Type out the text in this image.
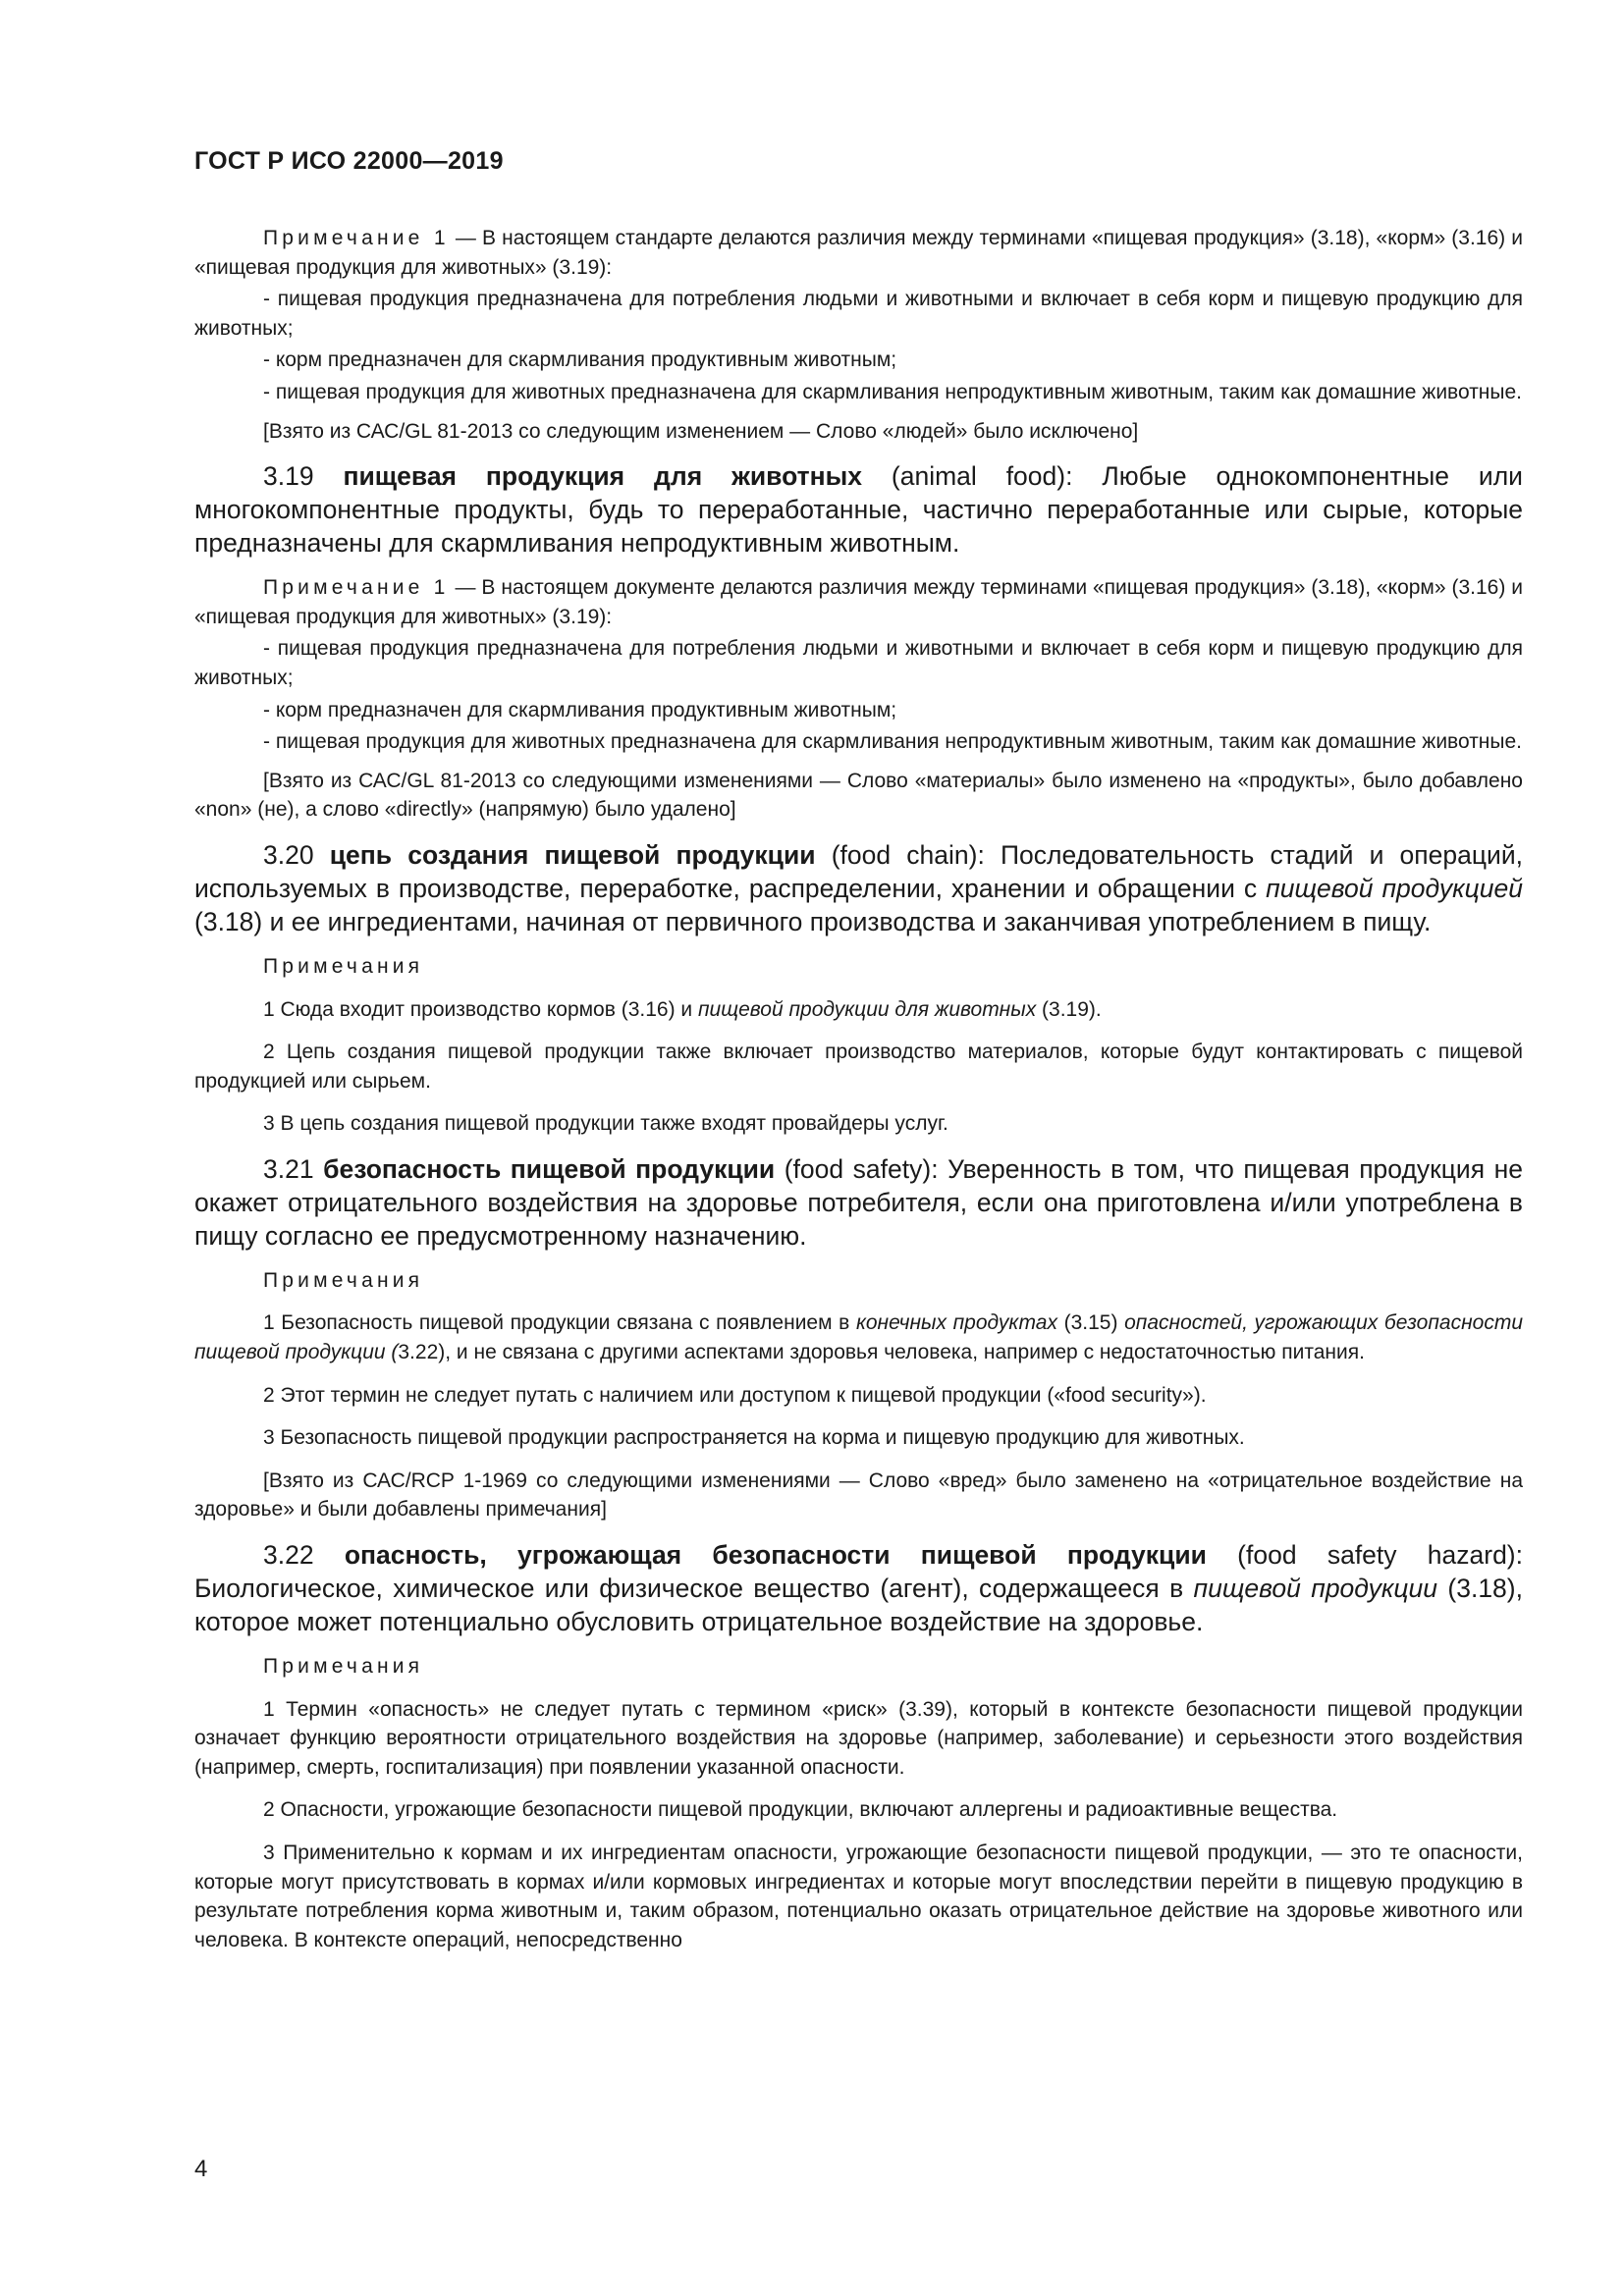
ГОСТ Р ИСО 22000—2019

Примечание 1 — В настоящем стандарте делаются различия между терминами «пищевая продукция» (3.18), «корм» (3.16) и «пищевая продукция для животных» (3.19):

- пищевая продукция предназначена для потребления людьми и животными и включает в себя корм и пищевую продукцию для животных;

- корм предназначен для скармливания продуктивным животным;

- пищевая продукция для животных предназначена для скармливания непродуктивным животным, таким как домашние животные.

[Взято из САС/GL 81-2013 со следующим изменением — Слово «людей» было исключено]

3.19 пищевая продукция для животных (animal food): Любые однокомпонентные или многокомпонентные продукты, будь то переработанные, частично переработанные или сырые, которые предназначены для скармливания непродуктивным животным.

Примечание 1 — В настоящем документе делаются различия между терминами «пищевая продукция» (3.18), «корм» (3.16) и «пищевая продукция для животных» (3.19):

- пищевая продукция предназначена для потребления людьми и животными и включает в себя корм и пищевую продукцию для животных;

- корм предназначен для скармливания продуктивным животным;

- пищевая продукция для животных предназначена для скармливания непродуктивным животным, таким как домашние животные.

[Взято из САС/GL 81-2013 со следующими изменениями — Слово «материалы» было изменено на «продукты», было добавлено «non» (не), а слово «directly» (напрямую) было удалено]

3.20 цепь создания пищевой продукции (food chain): Последовательность стадий и операций, используемых в производстве, переработке, распределении, хранении и обращении с пищевой продукцией (3.18) и ее ингредиентами, начиная от первичного производства и заканчивая употреблением в пищу.

Примечания

1 Сюда входит производство кормов (3.16) и пищевой продукции для животных (3.19).

2 Цепь создания пищевой продукции также включает производство материалов, которые будут контактировать с пищевой продукцией или сырьем.

3 В цепь создания пищевой продукции также входят провайдеры услуг.

3.21 безопасность пищевой продукции (food safety): Уверенность в том, что пищевая продукция не окажет отрицательного воздействия на здоровье потребителя, если она приготовлена и/или употреблена в пищу согласно ее предусмотренному назначению.

Примечания

1 Безопасность пищевой продукции связана с появлением в конечных продуктах (3.15) опасностей, угрожающих безопасности пищевой продукции (3.22), и не связана с другими аспектами здоровья человека, например с недостаточностью питания.

2 Этот термин не следует путать с наличием или доступом к пищевой продукции («food security»).

3 Безопасность пищевой продукции распространяется на корма и пищевую продукцию для животных.

[Взято из САС/RCP 1-1969 со следующими изменениями — Слово «вред» было заменено на «отрицательное воздействие на здоровье» и были добавлены примечания]

3.22 опасность, угрожающая безопасности пищевой продукции (food safety hazard): Биологическое, химическое или физическое вещество (агент), содержащееся в пищевой продукции (3.18), которое может потенциально обусловить отрицательное воздействие на здоровье.

Примечания

1 Термин «опасность» не следует путать с термином «риск» (3.39), который в контексте безопасности пищевой продукции означает функцию вероятности отрицательного воздействия на здоровье (например, заболевание) и серьезности этого воздействия (например, смерть, госпитализация) при появлении указанной опасности.

2 Опасности, угрожающие безопасности пищевой продукции, включают аллергены и радиоактивные вещества.

3 Применительно к кормам и их ингредиентам опасности, угрожающие безопасности пищевой продукции, — это те опасности, которые могут присутствовать в кормах и/или кормовых ингредиентах и которые могут впоследствии перейти в пищевую продукцию в результате потребления корма животным и, таким образом, потенциально оказать отрицательное действие на здоровье животного или человека. В контексте операций, непосредственно

4
